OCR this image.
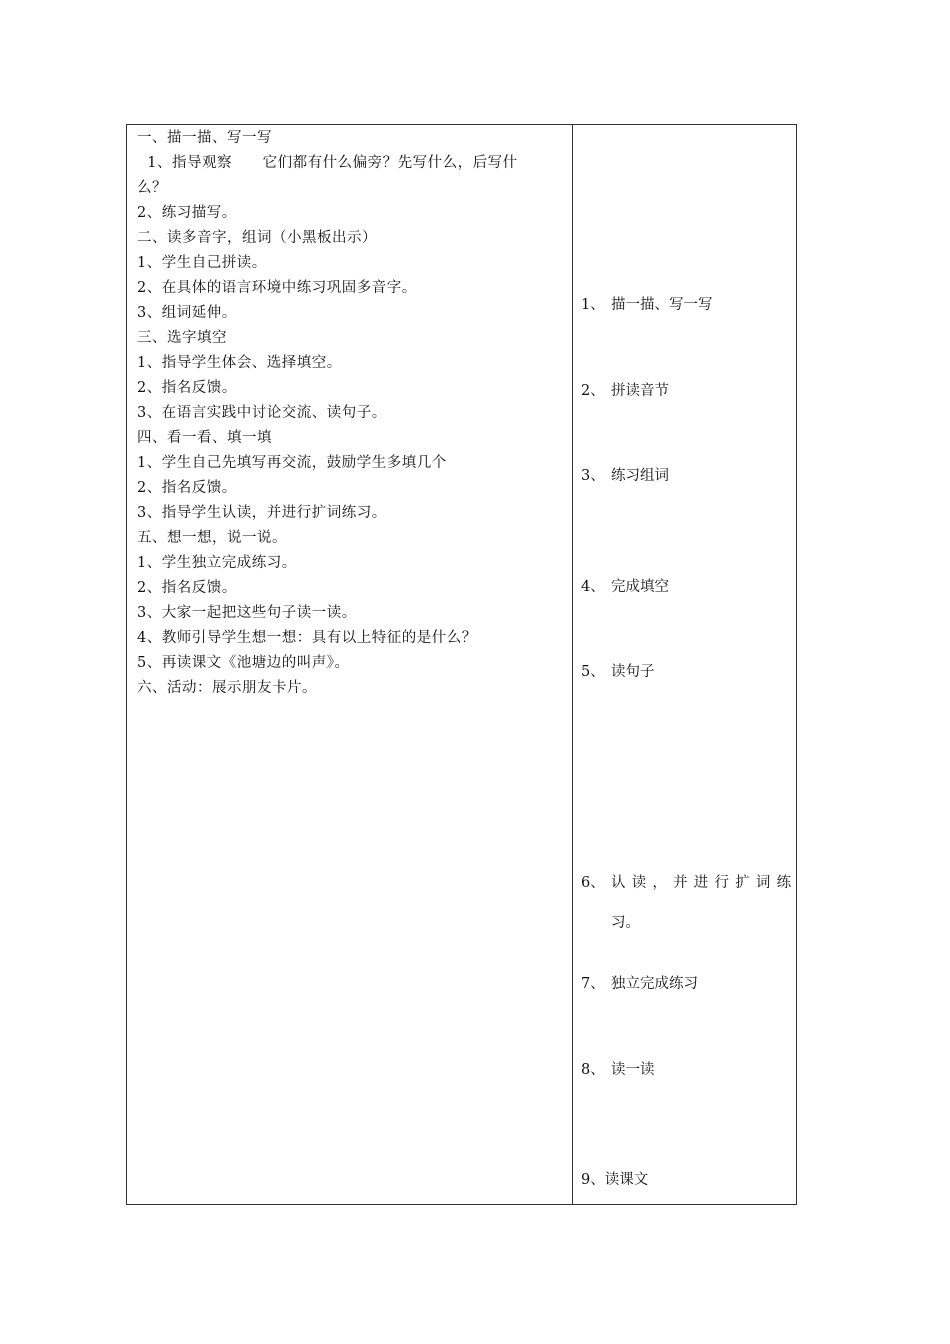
一、描一描、写一写
1、指导观察      它们都有什么偏旁？先写什么，后写什
么？
2、练习描写。
二、读多音字，组词（小黑板出示）
1、学生自己拼读。
2、在具体的语言环境中练习巩固多音字。
3、组词延伸。
三、选字填空
1、指导学生体会、选择填空。
2、指名反馈。
3、在语言实践中讨论交流、读句子。
四、看一看、填一填
1、学生自己先填写再交流，鼓励学生多填几个
2、指名反馈。
3、指导学生认读，并进行扩词练习。
五、想一想，说一说。
1、学生独立完成练习。
2、指名反馈。
3、大家一起把这些句子读一读。
4、教师引导学生想一想：具有以上特征的是什么？
5、再读课文《池塘边的叫声》。
六、活动：展示朋友卡片。
1、 描一描、写一写
2、 拼读音节
3、 练习组词
4、 完成填空
5、 读句子
6、 认读，并进行扩词练
习。
7、 独立完成练习
8、 读一读
9、读课文
